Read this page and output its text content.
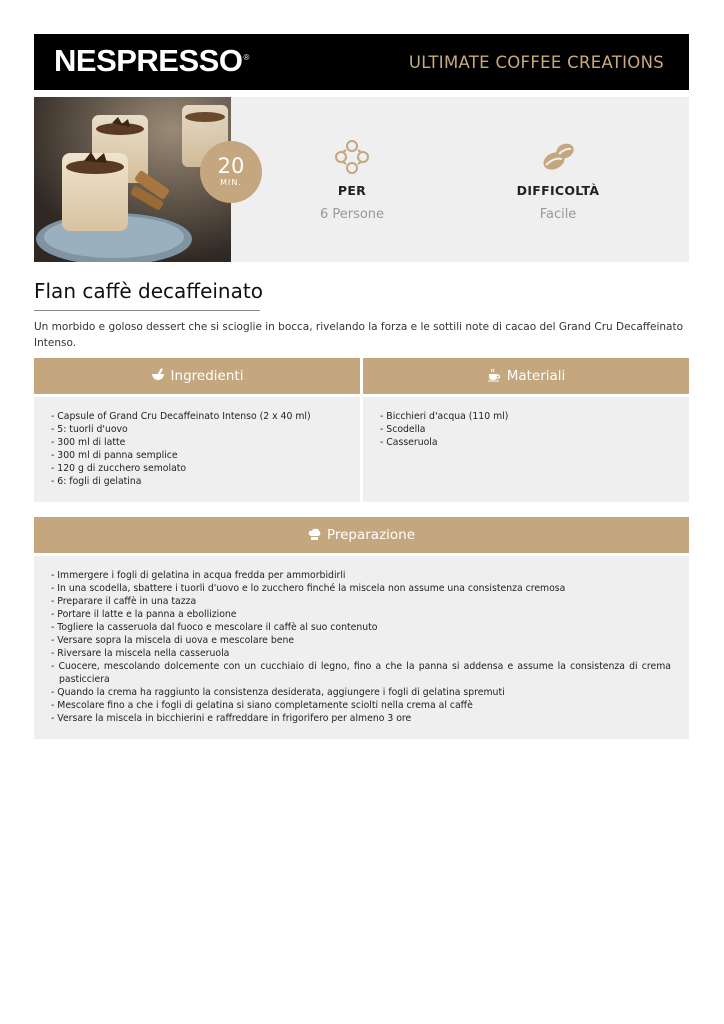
NESPRESSO®	ULTIMATE COFFEE CREATIONS
20
MIN.
PER
6 Persone
DIFFICOLTÀ
Facile
Flan caffè decaffeinato
Un morbido e goloso dessert che si scioglie in bocca, rivelando la forza e le sottili note di cacao del Grand Cru Decaffeinato Intenso.
Ingredienti
- Capsule of Grand Cru Decaffeinato Intenso (2 x 40 ml)
- 5: tuorli d'uovo
- 300 ml di latte
- 300 ml di panna semplice
- 120 g di zucchero semolato
- 6: fogli di gelatina
Materiali
- Bicchieri d'acqua (110 ml)
- Scodella
- Casseruola
Preparazione
- Immergere i fogli di gelatina in acqua fredda per ammorbidirli
- In una scodella, sbattere i tuorli d'uovo e lo zucchero finché la miscela non assume una consistenza cremosa
- Preparare il caffè in una tazza
- Portare il latte e la panna a ebollizione
- Togliere la casseruola dal fuoco e mescolare il caffè al suo contenuto
- Versare sopra la miscela di uova e mescolare bene
- Riversare la miscela nella casseruola
- Cuocere, mescolando dolcemente con un cucchiaio di legno, fino a che la panna si addensa e assume la consistenza di crema pasticciera
- Quando la crema ha raggiunto la consistenza desiderata, aggiungere i fogli di gelatina spremuti
- Mescolare fino a che i fogli di gelatina si siano completamente sciolti nella crema al caffè
- Versare la miscela in bicchierini e raffreddare in frigorifero per almeno 3 ore
